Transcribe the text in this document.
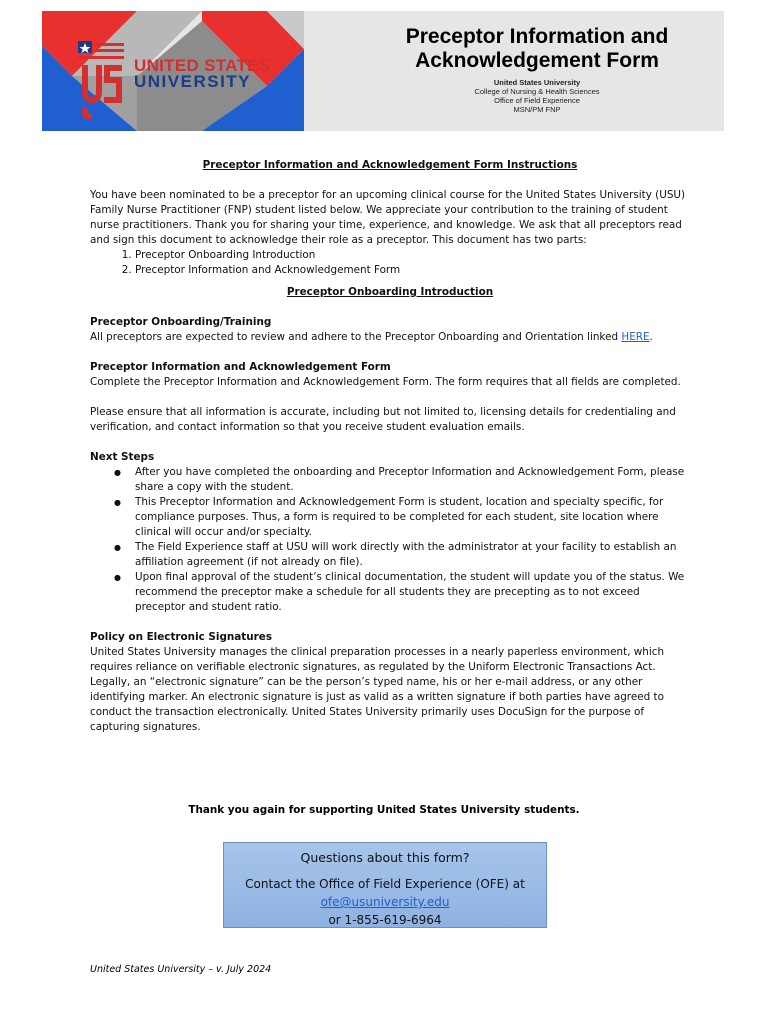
UNITED STATES
UNIVERSITY
Preceptor Information and
Acknowledgement Form
United States University
College of Nursing & Health Sciences
Office of Field Experience
MSN/PM FNP

Preceptor Information and Acknowledgement Form Instructions

You have been nominated to be a preceptor for an upcoming clinical course for the United States University (USU) Family Nurse Practitioner (FNP) student listed below. We appreciate your contribution to the training of student nurse practitioners. Thank you for sharing your time, experience, and knowledge. We ask that all preceptors read and sign this document to acknowledge their role as a preceptor. This document has two parts:

1. Preceptor Onboarding Introduction
2. Preceptor Information and Acknowledgement Form

Preceptor Onboarding Introduction

Preceptor Onboarding/Training

All preceptors are expected to review and adhere to the Preceptor Onboarding and Orientation linked HERE.

Preceptor Information and Acknowledgement Form

Complete the Preceptor Information and Acknowledgement Form. The form requires that all fields are completed.

Please ensure that all information is accurate, including but not limited to, licensing details for credentialing and verification, and contact information so that you receive student evaluation emails.

Next Steps

● After you have completed the onboarding and Preceptor Information and Acknowledgement Form, please share a copy with the student.
● This Preceptor Information and Acknowledgement Form is student, location and specialty specific, for compliance purposes. Thus, a form is required to be completed for each student, site location where clinical will occur and/or specialty.
● The Field Experience staff at USU will work directly with the administrator at your facility to establish an affiliation agreement (if not already on file).
● Upon final approval of the student’s clinical documentation, the student will update you of the status. We recommend the preceptor make a schedule for all students they are precepting as to not exceed preceptor and student ratio.

Policy on Electronic Signatures

United States University manages the clinical preparation processes in a nearly paperless environment, which requires reliance on verifiable electronic signatures, as regulated by the Uniform Electronic Transactions Act. Legally, an “electronic signature” can be the person’s typed name, his or her e-mail address, or any other identifying marker. An electronic signature is just as valid as a written signature if both parties have agreed to conduct the transaction electronically. United States University primarily uses DocuSign for the purpose of capturing signatures.

Thank you again for supporting United States University students.
Questions about this form?
Contact the Office of Field Experience (OFE) at
ofe@usuniversity.edu
or 1-855-619-6964
United States University – v. July 2024
